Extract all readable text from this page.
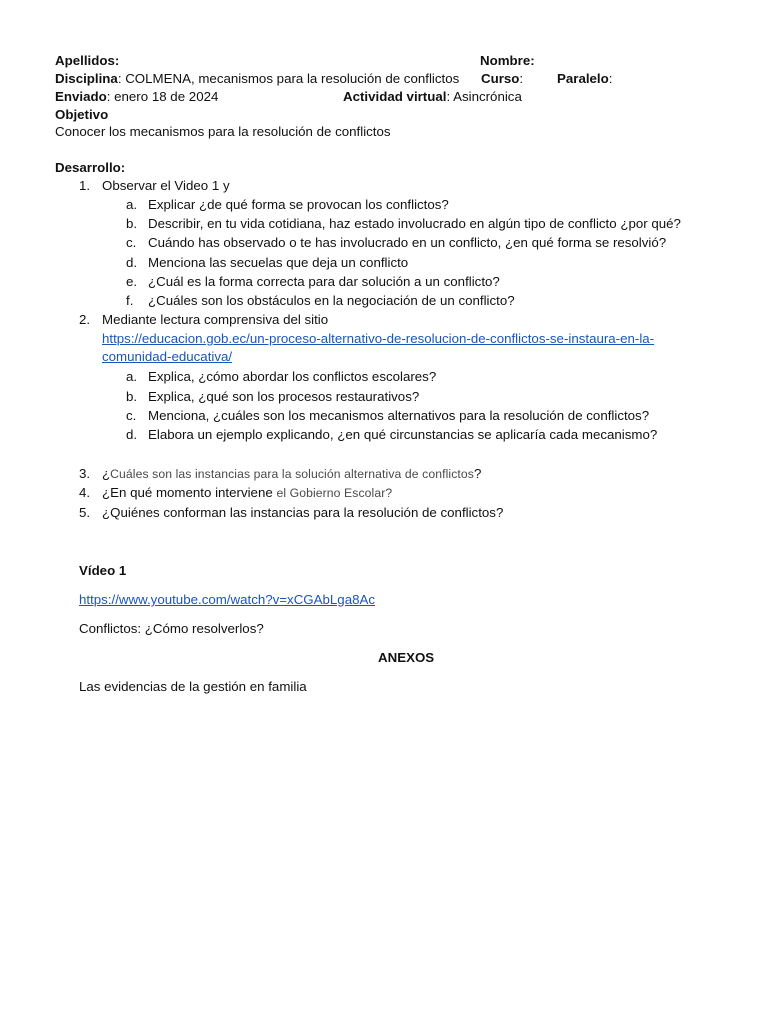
Apellidos:	Nombre:
Disciplina: COLMENA, mecanismos para la resolución de conflictos Curso:	Paralelo:
Enviado: enero 18 de 2024	Actividad virtual: Asincrónica
Objetivo
Conocer los mecanismos para la resolución de conflictos
Desarrollo:
1. Observar el Video 1 y
a. Explicar ¿de qué forma se provocan los conflictos?
b. Describir, en tu vida cotidiana, haz estado involucrado en algún tipo de conflicto ¿por qué?
c. Cuándo has observado o te has involucrado en un conflicto, ¿en qué forma se resolvió?
d. Menciona las secuelas que deja un conflicto
e. ¿Cuál es la forma correcta para dar solución a un conflicto?
f. ¿Cuáles son los obstáculos en la negociación de un conflicto?
2. Mediante lectura comprensiva del sitio
https://educacion.gob.ec/un-proceso-alternativo-de-resolucion-de-conflictos-se-instaura-en-la-
comunidad-educativa/
a. Explica, ¿cómo abordar los conflictos escolares?
b. Explica, ¿qué son los procesos restaurativos?
c. Menciona, ¿cuáles son los mecanismos alternativos para la resolución de conflictos?
d. Elabora un ejemplo explicando, ¿en qué circunstancias se aplicaría cada mecanismo?
3. ¿Cuáles son las instancias para la solución alternativa de conflictos?
4. ¿En qué momento interviene el Gobierno Escolar?
5. ¿Quiénes conforman las instancias para la resolución de conflictos?
Vídeo 1
https://www.youtube.com/watch?v=xCGAbLga8Ac
Conflictos: ¿Cómo resolverlos?
ANEXOS
Las evidencias de la gestión en familia
